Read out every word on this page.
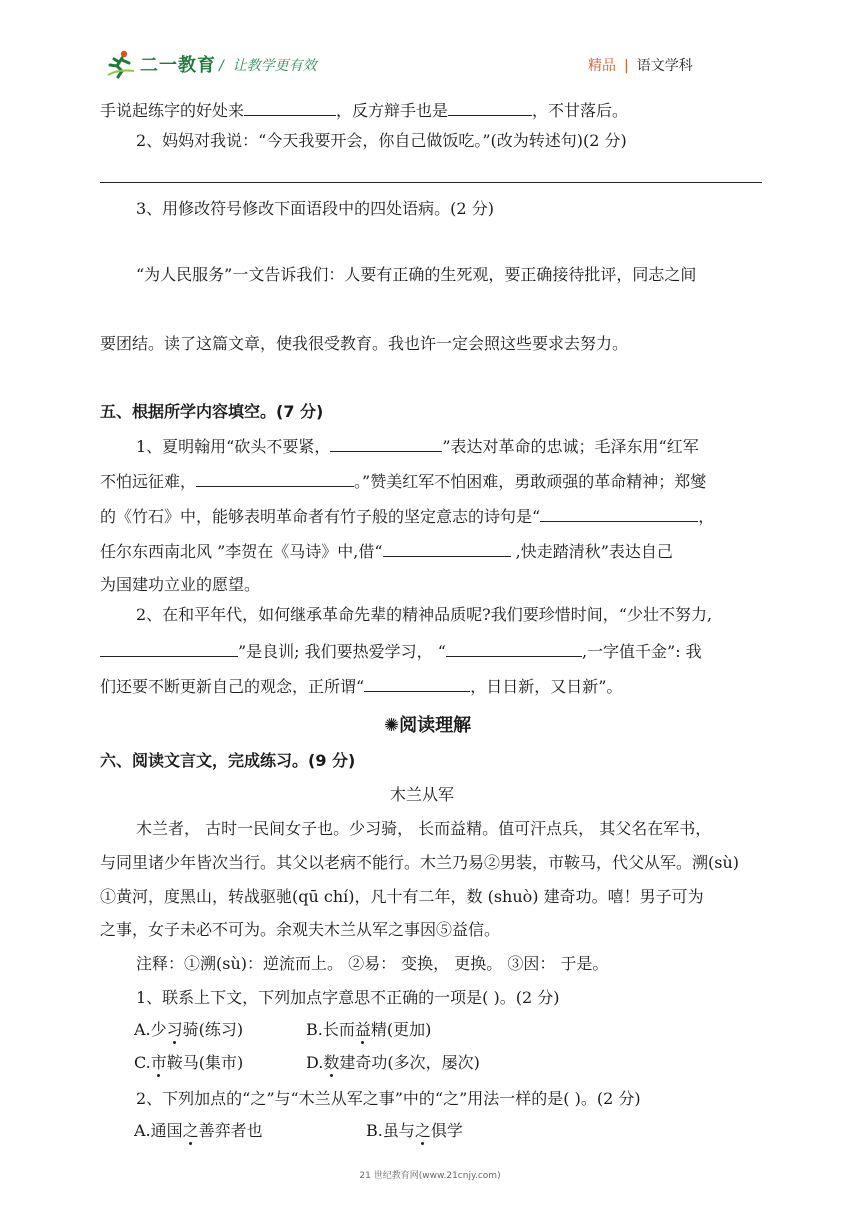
二一教育 / 让教学更有效	精品 | 语文学科
手说起练字的好处来	，反方辩手也是	，不甘落后。
2、妈妈对我说：“今天我要开会，你自己做饭吃。”(改为转述句)(2 分)
3、用修改符号修改下面语段中的四处语病。(2 分)
“为人民服务”一文告诉我们：人要有正确的生死观，要正确接待批评，同志之间
要团结。读了这篇文章，使我很受教育。我也许一定会照这些要求去努力。
五、根据所学内容填空。(7 分)
1、夏明翰用“砍头不要紧，	”表达对革命的忠诚；毛泽东用“红军
不怕远征难，	。”赞美红军不怕困难，勇敢顽强的革命精神；郑燮
的《竹石》中，能够表明革命者有竹子般的坚定意志的诗句是“	，
任尔东西南北风 ”李贺在《马诗》中,借“	,快走踏清秋”表达自己
为国建功立业的愿望。
2、在和平年代，如何继承革命先辈的精神品质呢?我们要珍惜时间，“少壮不努力,
”是良训; 我们要热爱学习， “	,一字值千金”: 我
们还要不断更新自己的观念，正所谓“	，日日新，又日新”。
✺阅读理解
六、阅读文言文，完成练习。(9 分)
木兰从军
木兰者， 古时一民间女子也。少习骑， 长而益精。值可汗点兵， 其父名在军书，
与同里诸少年皆次当行。其父以老病不能行。木兰乃易②男装，市鞍马，代父从军。溯(sù)
①黄河，度黑山，转战驱驰(qū chí)，凡十有二年，数 (shuò) 建奇功。嘻！男子可为
之事，女子未必不可为。余观夫木兰从军之事因⑤益信。
注释：①溯(sù)：逆流而上。 ②易： 变换， 更换。 ③因： 于是。
1、联系上下文，下列加点字意思不正确的一项是( )。(2 分)
A.少习骑(练习)	B.长而益精(更加)
C.市鞍马(集市)	D.数建奇功(多次，屡次)
2、下列加点的“之”与“木兰从军之事”中的“之”用法一样的是( )。(2 分)
A.通国之善弈者也	B.虽与之俱学
21 世纪教育网(www.21cnjy.com)
